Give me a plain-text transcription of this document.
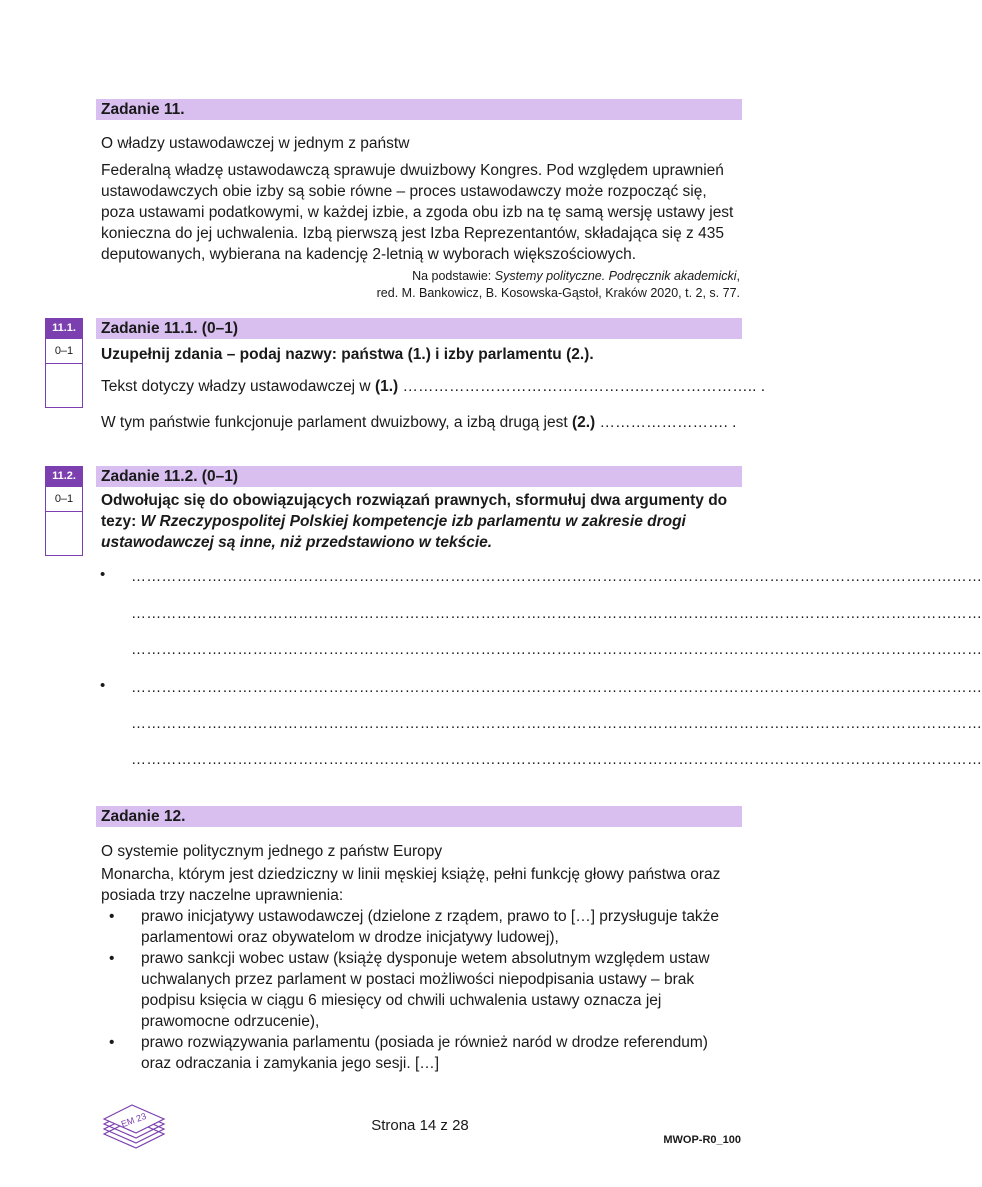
Zadanie 11.
O władzy ustawodawczej w jednym z państw
Federalną władzę ustawodawczą sprawuje dwuizbowy Kongres. Pod względem uprawnień
ustawodawczych obie izby są sobie równe – proces ustawodawczy może rozpocząć się,
poza ustawami podatkowymi, w każdej izbie, a zgoda obu izb na tę samą wersję ustawy jest
konieczna do jej uchwalenia. Izbą pierwszą jest Izba Reprezentantów, składająca się z 435
deputowanych, wybierana na kadencję 2-letnią w wyborach większościowych.
Na podstawie: Systemy polityczne. Podręcznik akademicki,
red. M. Bankowicz, B. Kosowska-Gąstoł, Kraków 2020, t. 2, s. 77.
11.1.
0–1
Zadanie 11.1. (0–1)
Uzupełnij zdania – podaj nazwy: państwa (1.) i izby parlamentu (2.).
Tekst dotyczy władzy ustawodawczej w (1.) ……………………………………….………………….. .
W tym państwie funkcjonuje parlament dwuizbowy, a izbą drugą jest (2.) ……………………. .
11.2.
0–1
Zadanie 11.2. (0–1)
Odwołując się do obowiązujących rozwiązań prawnych, sformułuj dwa argumenty do
tezy: W Rzeczypospolitej Polskiej kompetencje izb parlamentu w zakresie drogi
ustawodawczej są inne, niż przedstawiono w tekście.
• ……………………………………………………………………………………………………………………………………………………
……………………………………………………………………………………………………………………………………………………
……………………………………………………………………………………………………………………………………………………
• ……………………………………………………………………………………………………………………………………………………
……………………………………………………………………………………………………………………………………………………
……………………………………………………………………………………………………………………………………………………
Zadanie 12.
O systemie politycznym jednego z państw Europy
Monarcha, którym jest dziedziczny w linii męskiej książę, pełni funkcję głowy państwa oraz
posiada trzy naczelne uprawnienia:
• prawo inicjatywy ustawodawczej (dzielone z rządem, prawo to […] przysługuje także
parlamentowi oraz obywatelom w drodze inicjatywy ludowej),
• prawo sankcji wobec ustaw (książę dysponuje wetem absolutnym względem ustaw
uchwalanych przez parlament w postaci możliwości niepodpisania ustawy – brak
podpisu księcia w ciągu 6 miesięcy od chwili uchwalenia ustawy oznacza jej
prawomocne odrzucenie),
• prawo rozwiązywania parlamentu (posiada je również naród w drodze referendum)
oraz odraczania i zamykania jego sesji. […]
EM 23	Strona 14 z 28
MWOP-R0_100
